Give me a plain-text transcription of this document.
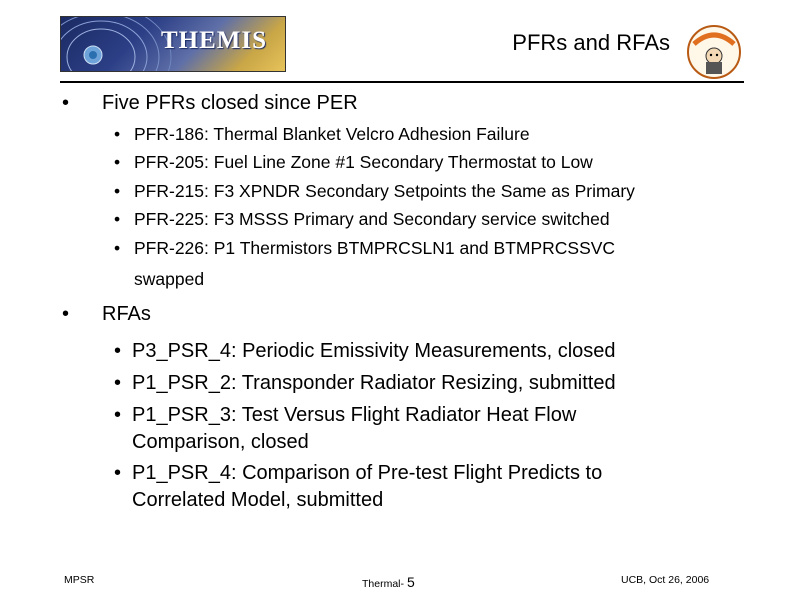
THEMIS	PFRs and RFAs
• Five PFRs closed since PER
• PFR-186: Thermal Blanket Velcro Adhesion Failure
• PFR-205: Fuel Line Zone #1 Secondary Thermostat to Low
• PFR-215: F3 XPNDR Secondary Setpoints the Same as Primary
• PFR-225: F3 MSSS Primary and Secondary service switched
• PFR-226: P1 Thermistors BTMPRCSLN1 and BTMPRCSSVC
swapped
• RFAs
• P3_PSR_4: Periodic Emissivity Measurements, closed
• P1_PSR_2: Transponder Radiator Resizing, submitted
• P1_PSR_3: Test Versus Flight Radiator Heat Flow
Comparison, closed
• P1_PSR_4: Comparison of Pre-test Flight Predicts to
Correlated Model, submitted
MPSR	Thermal- 5	UCB, Oct 26, 2006
